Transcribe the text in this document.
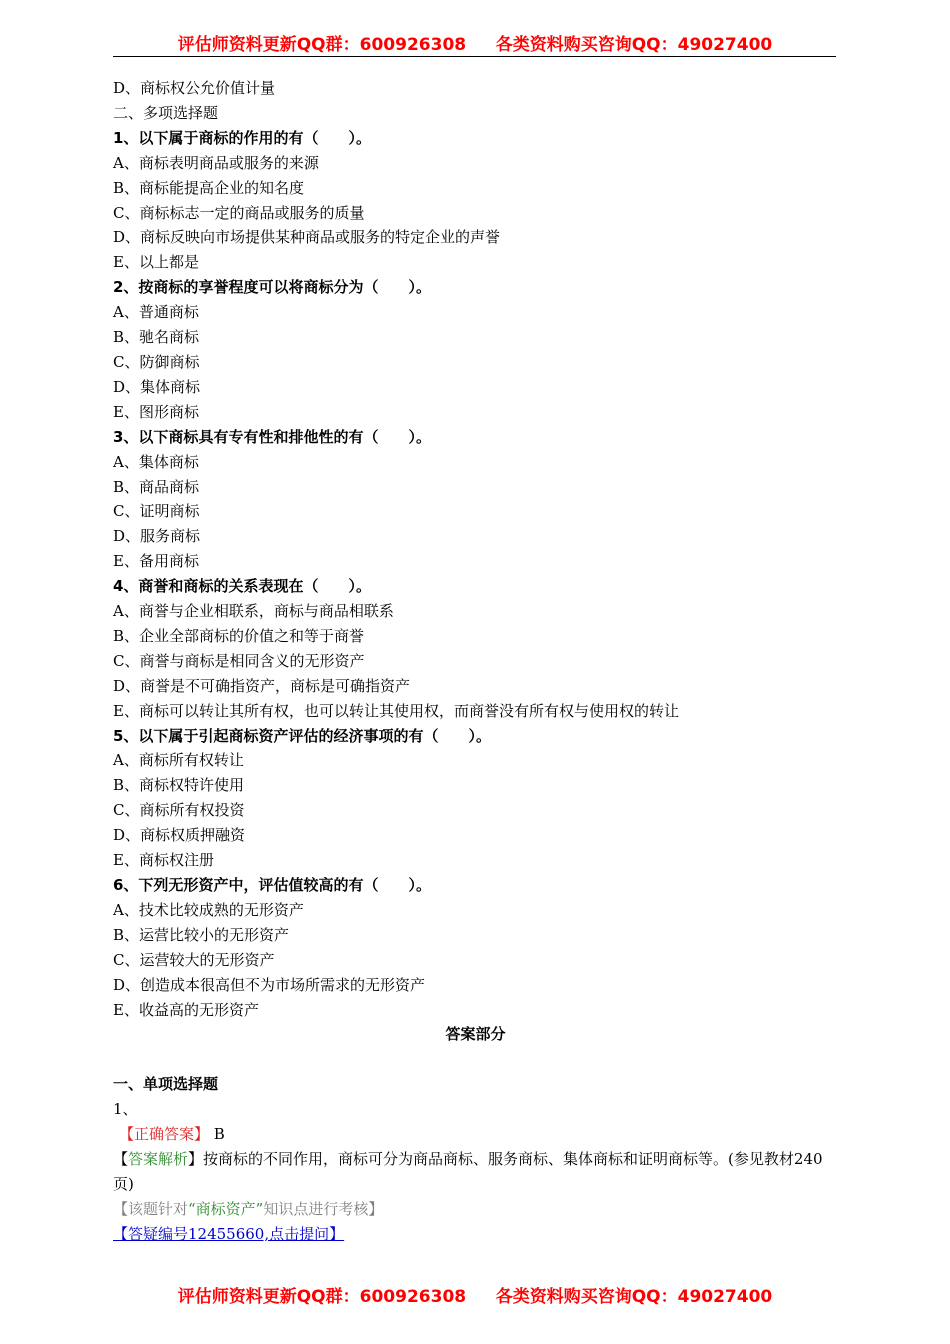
评估师资料更新QQ群：600926308 各类资料购买咨询QQ：49027400
D、商标权公允价值计量
二、多项选择题
1、以下属于商标的作用的有（　　）。
A、商标表明商品或服务的来源
B、商标能提高企业的知名度
C、商标标志一定的商品或服务的质量
D、商标反映向市场提供某种商品或服务的特定企业的声誉
E、以上都是
2、按商标的享誉程度可以将商标分为（　　）。
A、普通商标
B、驰名商标
C、防御商标
D、集体商标
E、图形商标
3、以下商标具有专有性和排他性的有（　　）。
A、集体商标
B、商品商标
C、证明商标
D、服务商标
E、备用商标
4、商誉和商标的关系表现在（　　）。
A、商誉与企业相联系，商标与商品相联系
B、企业全部商标的价值之和等于商誉
C、商誉与商标是相同含义的无形资产
D、商誉是不可确指资产，商标是可确指资产
E、商标可以转让其所有权，也可以转让其使用权，而商誉没有所有权与使用权的转让
5、以下属于引起商标资产评估的经济事项的有（　　）。
A、商标所有权转让
B、商标权特许使用
C、商标所有权投资
D、商标权质押融资
E、商标权注册
6、下列无形资产中，评估值较高的有（　　）。
A、技术比较成熟的无形资产
B、运营比较小的无形资产
C、运营较大的无形资产
D、创造成本很高但不为市场所需求的无形资产
E、收益高的无形资产
答案部分
一、单项选择题
1、
【正确答案】 B
【答案解析】按商标的不同作用，商标可分为商品商标、服务商标、集体商标和证明商标等。(参见教材240页)
【该题针对“商标资产”知识点进行考核】
【答疑编号12455660,点击提问】
评估师资料更新QQ群：600926308 各类资料购买咨询QQ：49027400
